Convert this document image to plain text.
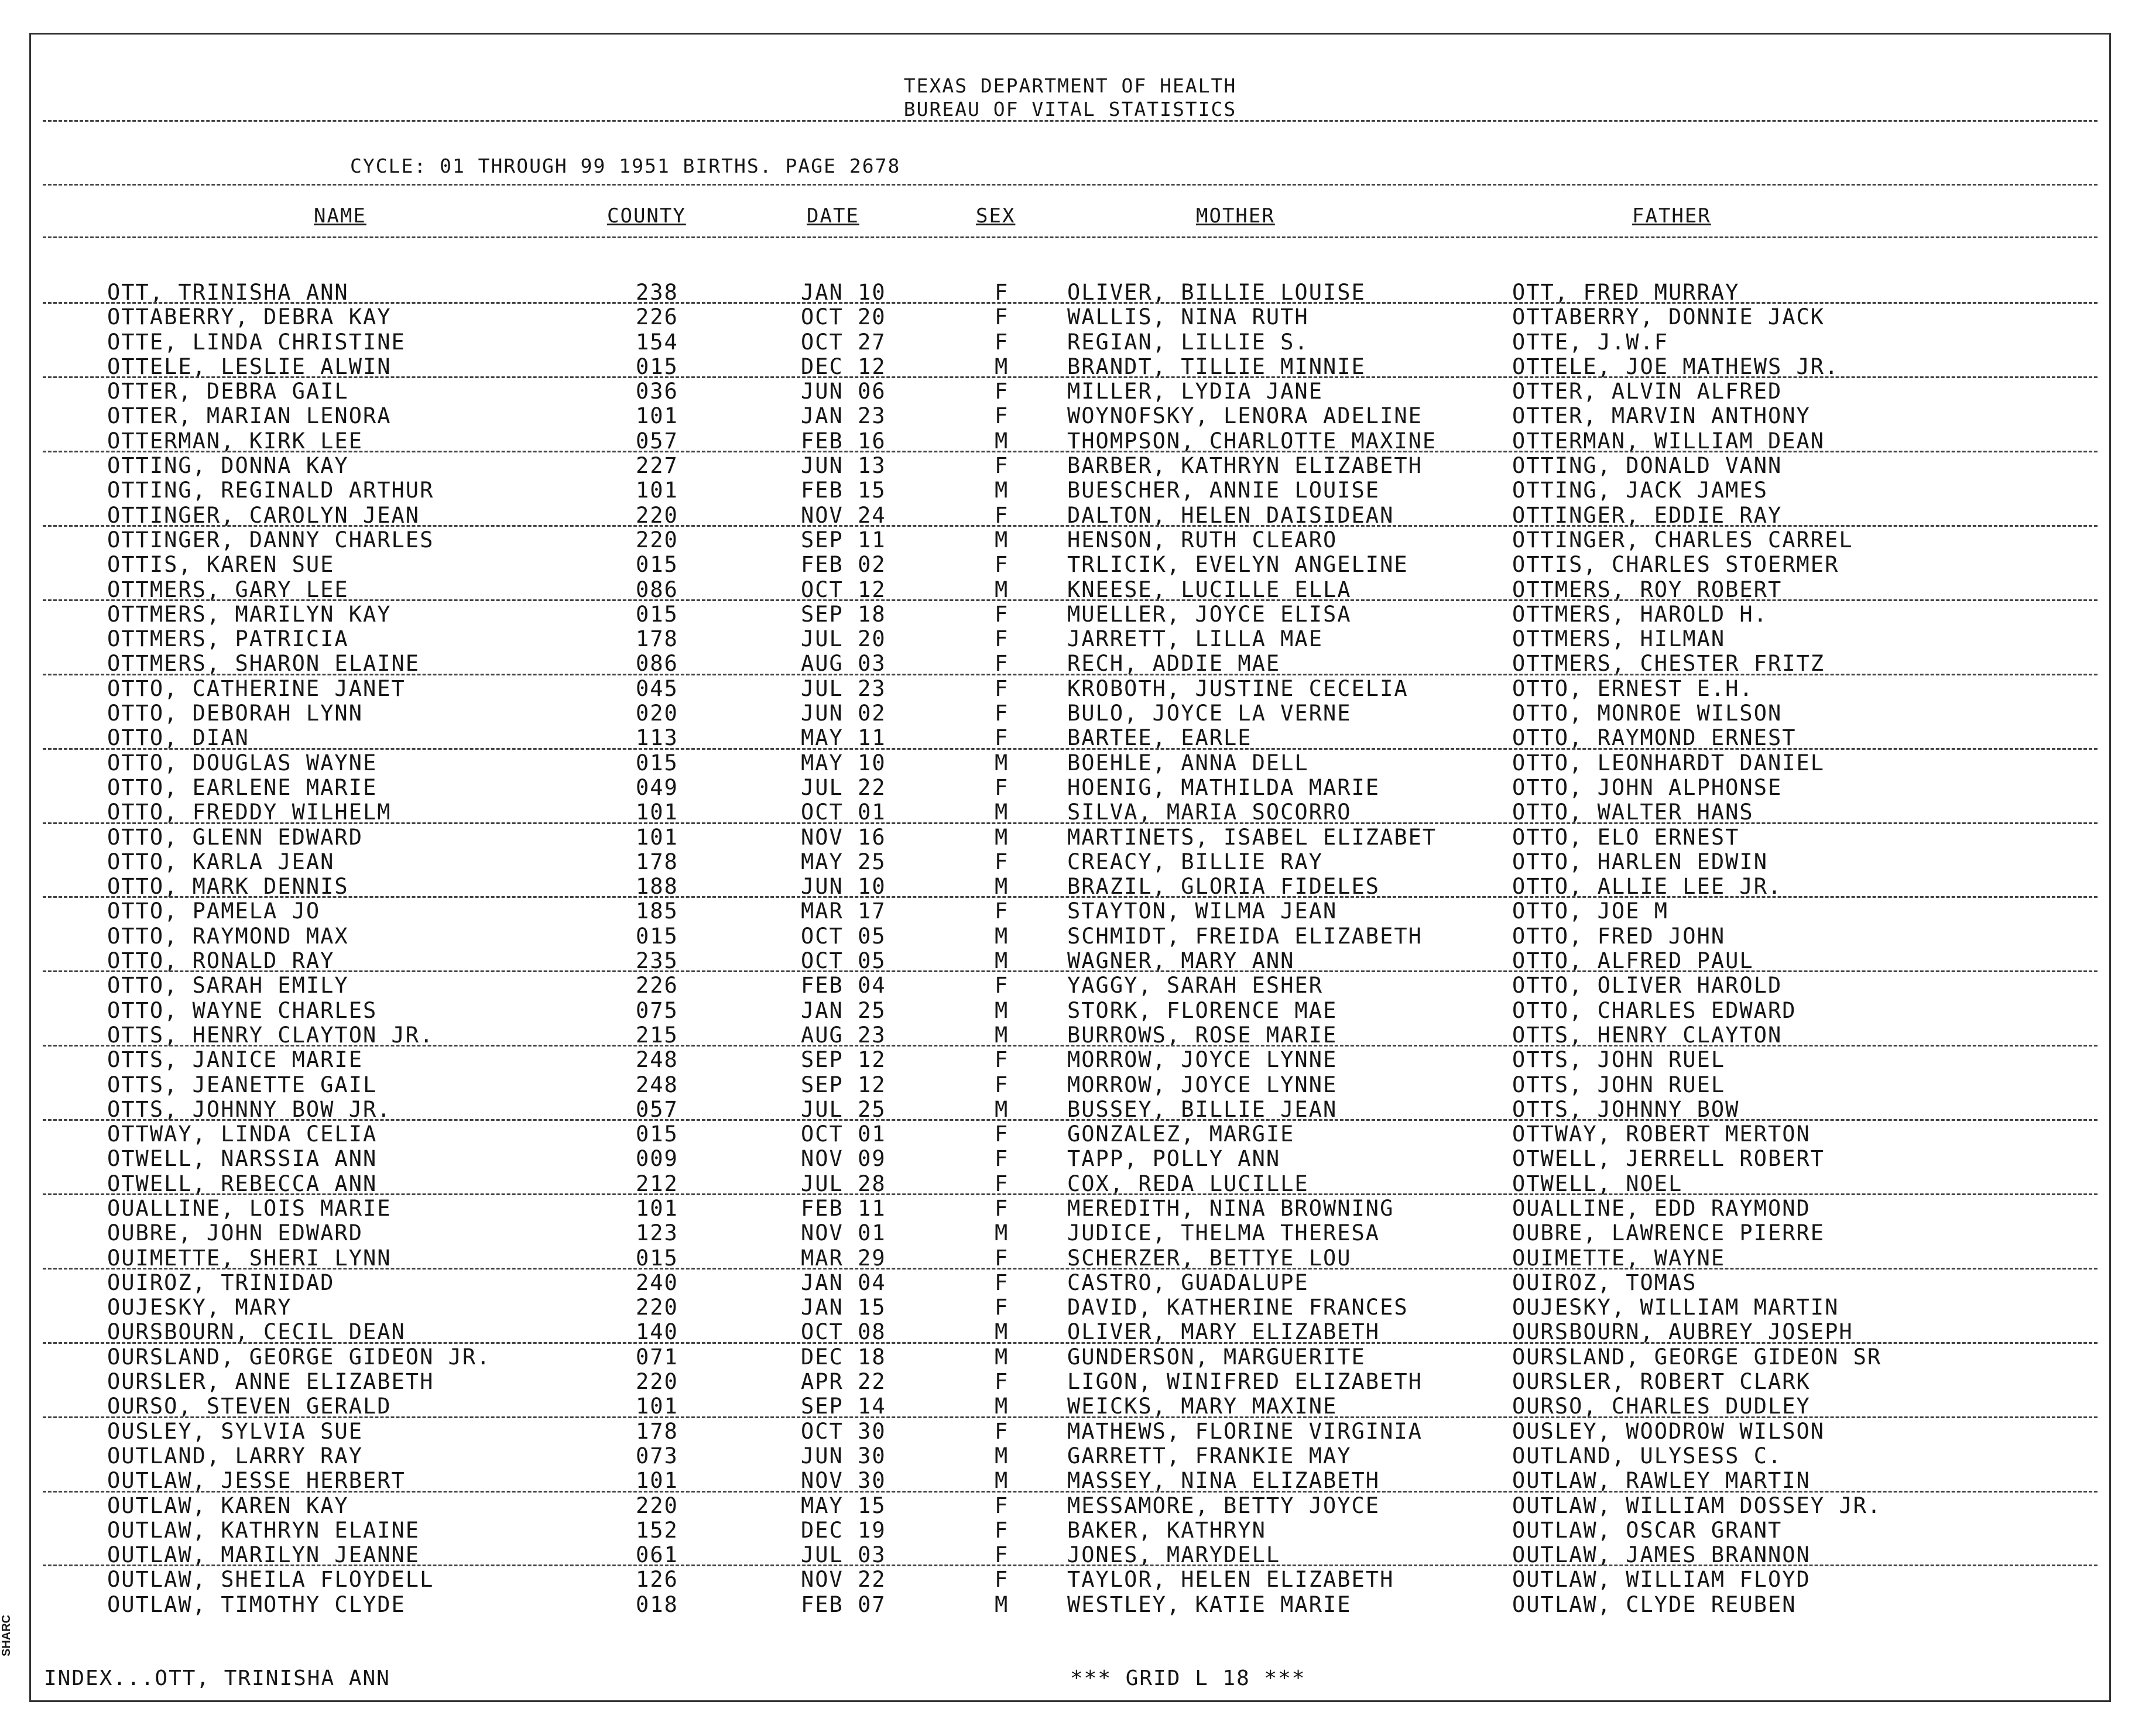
TEXAS DEPARTMENT OF HEALTH
BUREAU OF VITAL STATISTICS
CYCLE: 01 THROUGH 99 1951 BIRTHS. PAGE 2678
NAME	COUNTY	DATE	SEX	MOTHER	FATHER
OTT, TRINISHA ANN	238	JAN 10	F	OLIVER, BILLIE LOUISE	OTT, FRED MURRAY
OTTABERRY, DEBRA KAY	226	OCT 20	F	WALLIS, NINA RUTH	OTTABERRY, DONNIE JACK
OTTE, LINDA CHRISTINE	154	OCT 27	F	REGIAN, LILLIE S.	OTTE, J.W.F
OTTELE, LESLIE ALWIN	015	DEC 12	M	BRANDT, TILLIE MINNIE	OTTELE, JOE MATHEWS JR.
OTTER, DEBRA GAIL	036	JUN 06	F	MILLER, LYDIA JANE	OTTER, ALVIN ALFRED
OTTER, MARIAN LENORA	101	JAN 23	F	WOYNOFSKY, LENORA ADELINE	OTTER, MARVIN ANTHONY
OTTERMAN, KIRK LEE	057	FEB 16	M	THOMPSON, CHARLOTTE MAXINE	OTTERMAN, WILLIAM DEAN
OTTING, DONNA KAY	227	JUN 13	F	BARBER, KATHRYN ELIZABETH	OTTING, DONALD VANN
OTTING, REGINALD ARTHUR	101	FEB 15	M	BUESCHER, ANNIE LOUISE	OTTING, JACK JAMES
OTTINGER, CAROLYN JEAN	220	NOV 24	F	DALTON, HELEN DAISIDEAN	OTTINGER, EDDIE RAY
OTTINGER, DANNY CHARLES	220	SEP 11	M	HENSON, RUTH CLEARO	OTTINGER, CHARLES CARREL
OTTIS, KAREN SUE	015	FEB 02	F	TRLICIK, EVELYN ANGELINE	OTTIS, CHARLES STOERMER
OTTMERS, GARY LEE	086	OCT 12	M	KNEESE, LUCILLE ELLA	OTTMERS, ROY ROBERT
OTTMERS, MARILYN KAY	015	SEP 18	F	MUELLER, JOYCE ELISA	OTTMERS, HAROLD H.
OTTMERS, PATRICIA	178	JUL 20	F	JARRETT, LILLA MAE	OTTMERS, HILMAN
OTTMERS, SHARON ELAINE	086	AUG 03	F	RECH, ADDIE MAE	OTTMERS, CHESTER FRITZ
OTTO, CATHERINE JANET	045	JUL 23	F	KROBOTH, JUSTINE CECELIA	OTTO, ERNEST E.H.
OTTO, DEBORAH LYNN	020	JUN 02	F	BULO, JOYCE LA VERNE	OTTO, MONROE WILSON
OTTO, DIAN	113	MAY 11	F	BARTEE, EARLE	OTTO, RAYMOND ERNEST
OTTO, DOUGLAS WAYNE	015	MAY 10	M	BOEHLE, ANNA DELL	OTTO, LEONHARDT DANIEL
OTTO, EARLENE MARIE	049	JUL 22	F	HOENIG, MATHILDA MARIE	OTTO, JOHN ALPHONSE
OTTO, FREDDY WILHELM	101	OCT 01	M	SILVA, MARIA SOCORRO	OTTO, WALTER HANS
OTTO, GLENN EDWARD	101	NOV 16	M	MARTINETS, ISABEL ELIZABET	OTTO, ELO ERNEST
OTTO, KARLA JEAN	178	MAY 25	F	CREACY, BILLIE RAY	OTTO, HARLEN EDWIN
OTTO, MARK DENNIS	188	JUN 10	M	BRAZIL, GLORIA FIDELES	OTTO, ALLIE LEE JR.
OTTO, PAMELA JO	185	MAR 17	F	STAYTON, WILMA JEAN	OTTO, JOE M
OTTO, RAYMOND MAX	015	OCT 05	M	SCHMIDT, FREIDA ELIZABETH	OTTO, FRED JOHN
OTTO, RONALD RAY	235	OCT 05	M	WAGNER, MARY ANN	OTTO, ALFRED PAUL
OTTO, SARAH EMILY	226	FEB 04	F	YAGGY, SARAH ESHER	OTTO, OLIVER HAROLD
OTTO, WAYNE CHARLES	075	JAN 25	M	STORK, FLORENCE MAE	OTTO, CHARLES EDWARD
OTTS, HENRY CLAYTON JR.	215	AUG 23	M	BURROWS, ROSE MARIE	OTTS, HENRY CLAYTON
OTTS, JANICE MARIE	248	SEP 12	F	MORROW, JOYCE LYNNE	OTTS, JOHN RUEL
OTTS, JEANETTE GAIL	248	SEP 12	F	MORROW, JOYCE LYNNE	OTTS, JOHN RUEL
OTTS, JOHNNY BOW JR.	057	JUL 25	M	BUSSEY, BILLIE JEAN	OTTS, JOHNNY BOW
OTTWAY, LINDA CELIA	015	OCT 01	F	GONZALEZ, MARGIE	OTTWAY, ROBERT MERTON
OTWELL, NARSSIA ANN	009	NOV 09	F	TAPP, POLLY ANN	OTWELL, JERRELL ROBERT
OTWELL, REBECCA ANN	212	JUL 28	F	COX, REDA LUCILLE	OTWELL, NOEL
OUALLINE, LOIS MARIE	101	FEB 11	F	MEREDITH, NINA BROWNING	OUALLINE, EDD RAYMOND
OUBRE, JOHN EDWARD	123	NOV 01	M	JUDICE, THELMA THERESA	OUBRE, LAWRENCE PIERRE
OUIMETTE, SHERI LYNN	015	MAR 29	F	SCHERZER, BETTYE LOU	OUIMETTE, WAYNE
OUIROZ, TRINIDAD	240	JAN 04	F	CASTRO, GUADALUPE	OUIROZ, TOMAS
OUJESKY, MARY	220	JAN 15	F	DAVID, KATHERINE FRANCES	OUJESKY, WILLIAM MARTIN
OURSBOURN, CECIL DEAN	140	OCT 08	M	OLIVER, MARY ELIZABETH	OURSBOURN, AUBREY JOSEPH
OURSLAND, GEORGE GIDEON JR.	071	DEC 18	M	GUNDERSON, MARGUERITE	OURSLAND, GEORGE GIDEON SR
OURSLER, ANNE ELIZABETH	220	APR 22	F	LIGON, WINIFRED ELIZABETH	OURSLER, ROBERT CLARK
OURSO, STEVEN GERALD	101	SEP 14	M	WEICKS, MARY MAXINE	OURSO, CHARLES DUDLEY
OUSLEY, SYLVIA SUE	178	OCT 30	F	MATHEWS, FLORINE VIRGINIA	OUSLEY, WOODROW WILSON
OUTLAND, LARRY RAY	073	JUN 30	M	GARRETT, FRANKIE MAY	OUTLAND, ULYSESS C.
OUTLAW, JESSE HERBERT	101	NOV 30	M	MASSEY, NINA ELIZABETH	OUTLAW, RAWLEY MARTIN
OUTLAW, KAREN KAY	220	MAY 15	F	MESSAMORE, BETTY JOYCE	OUTLAW, WILLIAM DOSSEY JR.
OUTLAW, KATHRYN ELAINE	152	DEC 19	F	BAKER, KATHRYN	OUTLAW, OSCAR GRANT
OUTLAW, MARILYN JEANNE	061	JUL 03	F	JONES, MARYDELL	OUTLAW, JAMES BRANNON
OUTLAW, SHEILA FLOYDELL	126	NOV 22	F	TAYLOR, HELEN ELIZABETH	OUTLAW, WILLIAM FLOYD
OUTLAW, TIMOTHY CLYDE	018	FEB 07	M	WESTLEY, KATIE MARIE	OUTLAW, CLYDE REUBEN
INDEX...OTT, TRINISHA ANN	*** GRID L 18 ***
SHARC
